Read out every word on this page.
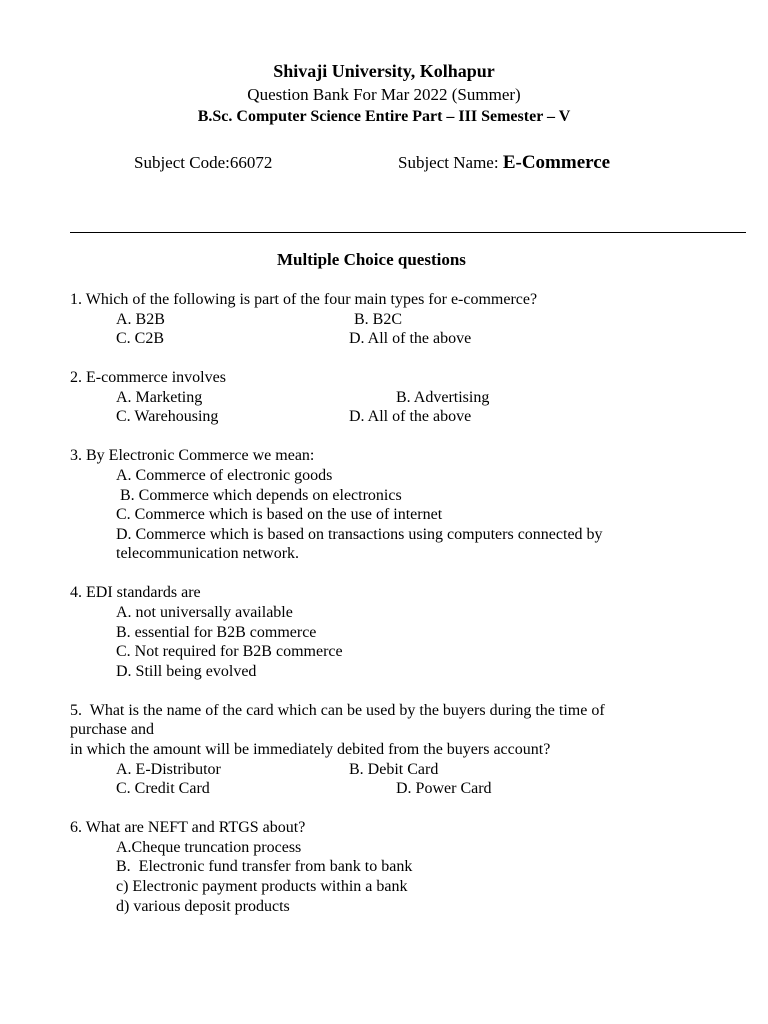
Shivaji University, Kolhapur
Question Bank For Mar 2022 (Summer)
B.Sc. Computer Science Entire Part – III Semester – V
Subject Code:66072	Subject Name: E-Commerce
Multiple Choice questions
1. Which of the following is part of the four main types for e-commerce?
A. B2B	B. B2C
C. C2B	D. All of the above
2. E-commerce involves
A. Marketing	B. Advertising
C. Warehousing	D. All of the above
3. By Electronic Commerce we mean:
A. Commerce of electronic goods
B. Commerce which depends on electronics
C. Commerce which is based on the use of internet
D. Commerce which is based on transactions using computers connected by
telecommunication network.
4. EDI standards are
A. not universally available
B. essential for B2B commerce
C. Not required for B2B commerce
D. Still being evolved
5.  What is the name of the card which can be used by the buyers during the time of
purchase and
in which the amount will be immediately debited from the buyers account?
A. E-Distributor	B. Debit Card
C. Credit Card	D. Power Card
6. What are NEFT and RTGS about?
A.Cheque truncation process
B.  Electronic fund transfer from bank to bank
c) Electronic payment products within a bank
d) various deposit products
